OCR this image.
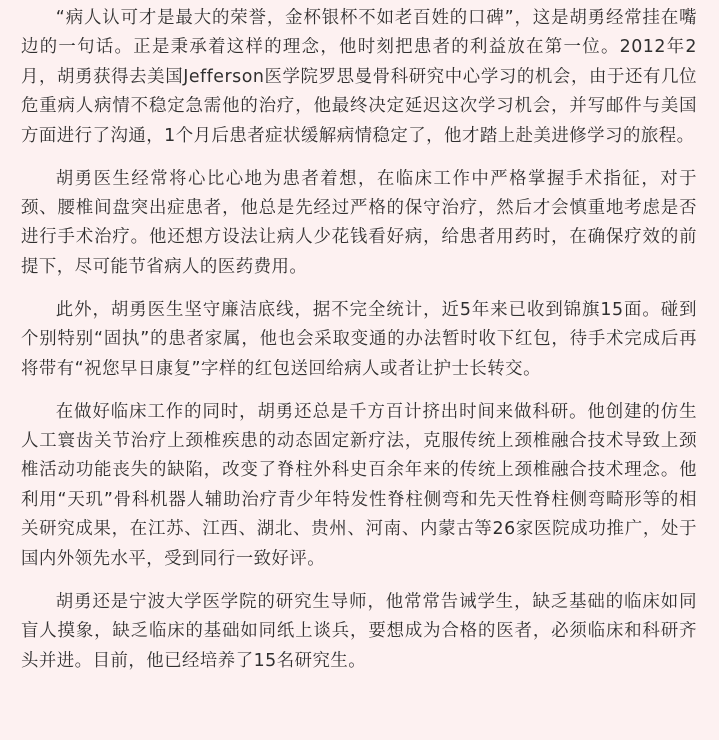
“病人认可才是最大的荣誉，金杯银杯不如老百姓的口碑”，这是胡勇经常挂在嘴边的一句话。正是秉承着这样的理念，他时刻把患者的利益放在第一位。2012年2月，胡勇获得去美国Jefferson医学院罗思曼骨科研究中心学习的机会，由于还有几位危重病人病情不稳定急需他的治疗，他最终决定延迟这次学习机会，并写邮件与美国方面进行了沟通，1个月后患者症状缓解病情稳定了，他才踏上赴美进修学习的旅程。

胡勇医生经常将心比心地为患者着想，在临床工作中严格掌握手术指征，对于颈、腰椎间盘突出症患者，他总是先经过严格的保守治疗，然后才会慎重地考虑是否进行手术治疗。他还想方设法让病人少花钱看好病，给患者用药时，在确保疗效的前提下，尽可能节省病人的医药费用。

此外，胡勇医生坚守廉洁底线，据不完全统计，近5年来已收到锦旗15面。碰到个别特别“固执”的患者家属，他也会采取变通的办法暂时收下红包，待手术完成后再将带有“祝您早日康复”字样的红包送回给病人或者让护士长转交。

在做好临床工作的同时，胡勇还总是千方百计挤出时间来做科研。他创建的仿生人工寰齿关节治疗上颈椎疾患的动态固定新疗法，克服传统上颈椎融合技术导致上颈椎活动功能丧失的缺陷，改变了脊柱外科史百余年来的传统上颈椎融合技术理念。他利用“天玑”骨科机器人辅助治疗青少年特发性脊柱侧弯和先天性脊柱侧弯畸形等的相关研究成果，在江苏、江西、湖北、贵州、河南、内蒙古等26家医院成功推广，处于国内外领先水平，受到同行一致好评。

胡勇还是宁波大学医学院的研究生导师，他常常告诫学生，缺乏基础的临床如同盲人摸象，缺乏临床的基础如同纸上谈兵，要想成为合格的医者，必须临床和科研齐头并进。目前，他已经培养了15名研究生。
